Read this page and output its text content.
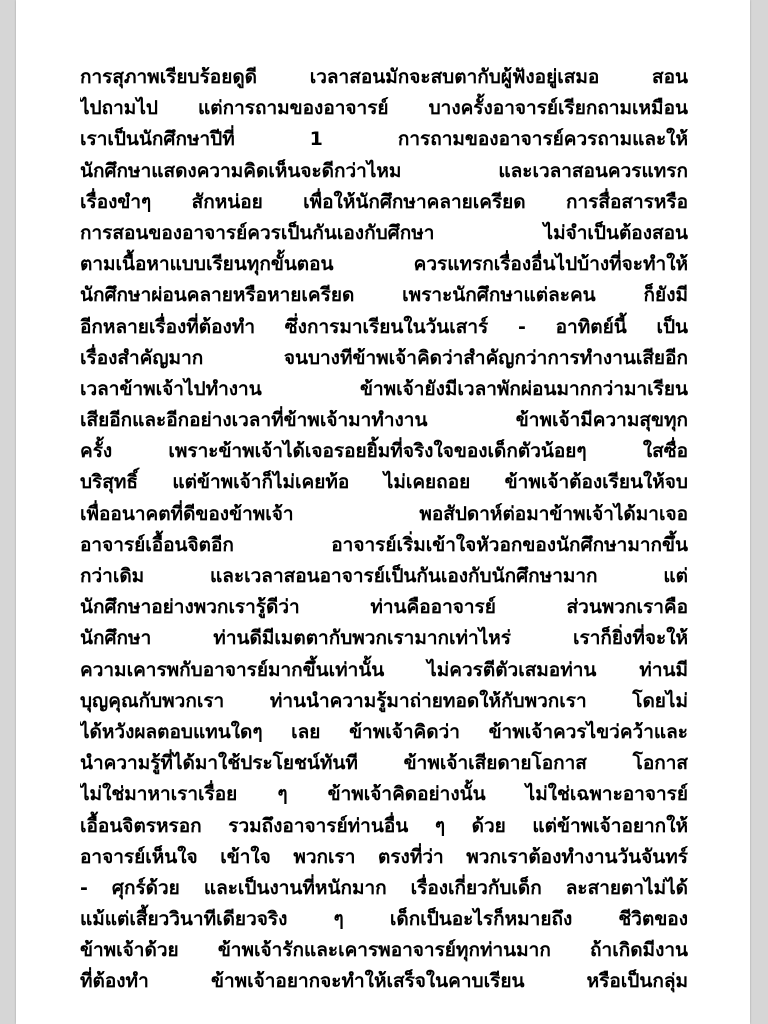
การสุภาพเรียบร้อยดูดี เวลาสอนมักจะสบตากับผู้ฟังอยู่เสมอ สอน
ไปถามไป แต่การถามของอาจารย์ บางครั้งอาจารย์เรียกถามเหมือน
เราเป็นนักศึกษาปีที่ 1 การถามของอาจารย์ควรถามและให้
นักศึกษาแสดงความคิดเห็นจะดีกว่าไหม และเวลาสอนควรแทรก
เรื่องขำๆ สักหน่อย เพื่อให้นักศึกษาคลายเครียด การสื่อสารหรือ
การสอนของอาจารย์ควรเป็นกันเองกับศึกษา ไม่จำเป็นต้องสอน
ตามเนื้อหาแบบเรียนทุกขั้นตอน ควรแทรกเรื่องอื่นไปบ้างที่จะทำให้
นักศึกษาผ่อนคลายหรือหายเครียด เพราะนักศึกษาแต่ละคน ก็ยังมี
อีกหลายเรื่องที่ต้องทำ ซึ่งการมาเรียนในวันเสาร์ - อาทิตย์นี้ เป็น
เรื่องสำคัญมาก จนบางทีข้าพเจ้าคิดว่าสำคัญกว่าการทำงานเสียอีก
เวลาข้าพเจ้าไปทำงาน ข้าพเจ้ายังมีเวลาพักผ่อนมากกว่ามาเรียน
เสียอีกและอีกอย่างเวลาที่ข้าพเจ้ามาทำงาน ข้าพเจ้ามีความสุขทุก
ครั้ง เพราะข้าพเจ้าได้เจอรอยยิ้มที่จริงใจของเด็กตัวน้อยๆ ใสซื่อ
บริสุทธิ์ แต่ข้าพเจ้าก็ไม่เคยท้อ ไม่เคยถอย ข้าพเจ้าต้องเรียนให้จบ
เพื่ออนาคตที่ดีของข้าพเจ้า พอสัปดาห์ต่อมาข้าพเจ้าได้มาเจอ
อาจารย์เอื้อนจิตอีก อาจารย์เริ่มเข้าใจหัวอกของนักศึกษามากขึ้น
กว่าเดิม และเวลาสอนอาจารย์เป็นกันเองกับนักศึกษามาก แต่
นักศึกษาอย่างพวกเรารู้ดีว่า ท่านคืออาจารย์ ส่วนพวกเราคือ
นักศึกษา ท่านดีมีเมตตากับพวกเรามากเท่าไหร่ เราก็ยิ่งที่จะให้
ความเคารพกับอาจารย์มากขึ้นเท่านั้น ไม่ควรตีตัวเสมอท่าน ท่านมี
บุญคุณกับพวกเรา ท่านนำความรู้มาถ่ายทอดให้กับพวกเรา โดยไม่
ได้หวังผลตอบแทนใดๆ เลย ข้าพเจ้าคิดว่า ข้าพเจ้าควรไขว่คว้าและ
นำความรู้ที่ได้มาใช้ประโยชน์ทันที ข้าพเจ้าเสียดายโอกาส โอกาส
ไม่ใช่มาหาเราเรื่อย ๆ ข้าพเจ้าคิดอย่างนั้น ไม่ใช่เฉพาะอาจารย์
เอื้อนจิตรหรอก รวมถึงอาจารย์ท่านอื่น ๆ ด้วย แต่ข้าพเจ้าอยากให้
อาจารย์เห็นใจ เข้าใจ พวกเรา ตรงที่ว่า พวกเราต้องทำงานวันจันทร์
- ศุกร์ด้วย และเป็นงานที่หนักมาก เรื่องเกี่ยวกับเด็ก ละสายตาไม่ได้
แม้แต่เสี้ยววินาทีเดียวจริง ๆ เด็กเป็นอะไรก็หมายถึง ชีวิตของ
ข้าพเจ้าด้วย ข้าพเจ้ารักและเคารพอาจารย์ทุกท่านมาก ถ้าเกิดมีงาน
ที่ต้องทำ ข้าพเจ้าอยากจะทำให้เสร็จในคาบเรียน หรือเป็นกลุ่ม
